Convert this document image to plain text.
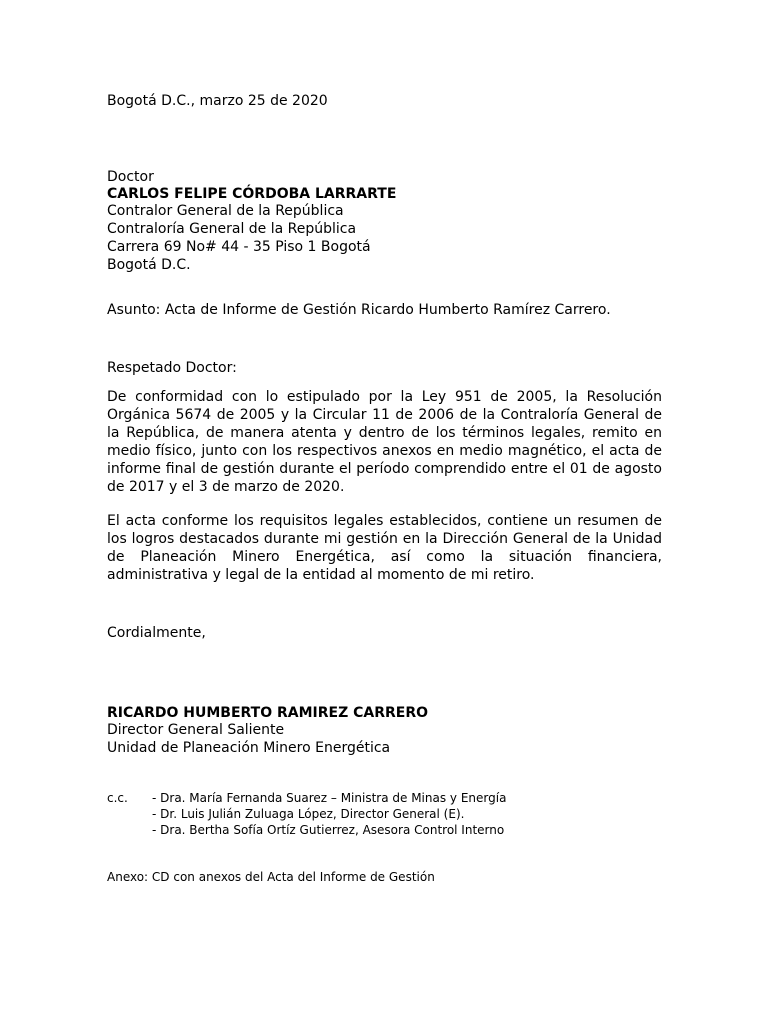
Bogotá D.C., marzo 25 de 2020
Doctor
CARLOS FELIPE CÓRDOBA LARRARTE
Contralor General de la República
Contraloría General de la República
Carrera 69 No# 44 - 35 Piso 1 Bogotá
Bogotá D.C.
Asunto: Acta de Informe de Gestión Ricardo Humberto Ramírez Carrero.
Respetado Doctor:
De conformidad con lo estipulado por la Ley 951 de 2005, la Resolución Orgánica 5674 de 2005 y la Circular 11 de 2006 de la Contraloría General de la República, de manera atenta y dentro de los términos legales, remito en medio físico, junto con los respectivos anexos en medio magnético, el acta de informe final de gestión durante el período comprendido entre el 01 de agosto de 2017 y el 3 de marzo de 2020.
El acta conforme los requisitos legales establecidos, contiene un resumen de los logros destacados durante mi gestión en la Dirección General de la Unidad de Planeación Minero Energética, así como la situación financiera, administrativa y legal de la entidad al momento de mi retiro.
Cordialmente,
RICARDO HUMBERTO RAMIREZ CARRERO
Director General Saliente
Unidad de Planeación Minero Energética
c.c. - Dra. María Fernanda Suarez – Ministra de Minas y Energía
- Dr. Luis Julián Zuluaga López, Director General (E).
- Dra. Bertha Sofía Ortíz Gutierrez, Asesora Control Interno
Anexo: CD con anexos del Acta del Informe de Gestión
